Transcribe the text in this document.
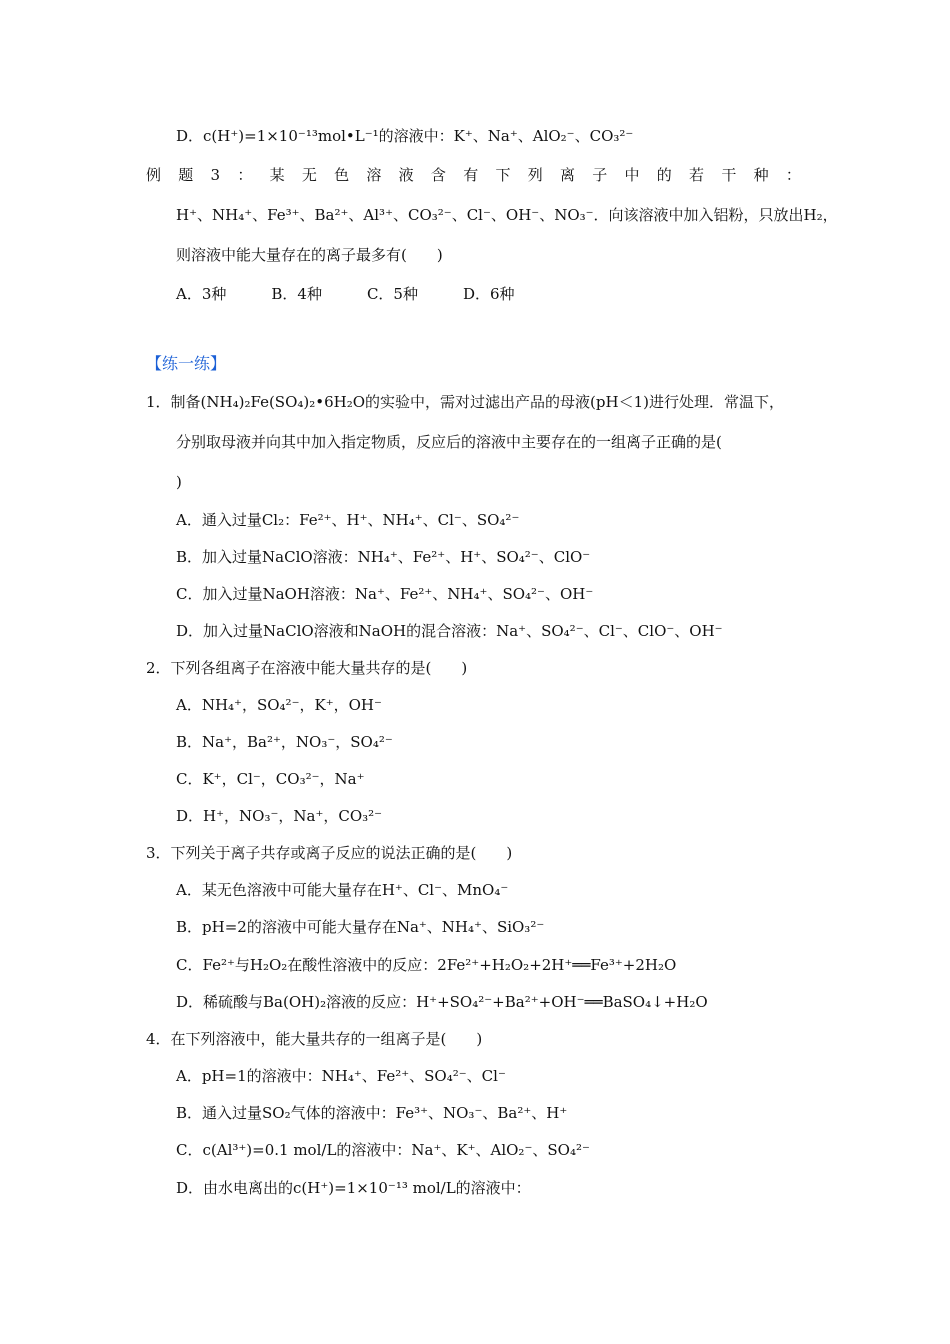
D．c(H⁺)=1×10⁻¹³mol•L⁻¹的溶液中：K⁺、Na⁺、AlO₂⁻、CO₃²⁻
例 题 3 ： 某 无 色 溶 液 含 有 下 列 离 子 中 的 若 干 种 ：
H⁺、NH₄⁺、Fe³⁺、Ba²⁺、Al³⁺、CO₃²⁻、Cl⁻、OH⁻、NO₃⁻．向该溶液中加入铝粉，只放出H₂，
则溶液中能大量存在的离子最多有(　　)
A．3种　　　B．4种　　　C．5种　　　D．6种
【练一练】
1．制备(NH₄)₂Fe(SO₄)₂•6H₂O的实验中，需对过滤出产品的母液(pH＜1)进行处理．常温下，
分别取母液并向其中加入指定物质，反应后的溶液中主要存在的一组离子正确的是(
)
A．通入过量Cl₂：Fe²⁺、H⁺、NH₄⁺、Cl⁻、SO₄²⁻
B．加入过量NaClO溶液：NH₄⁺、Fe²⁺、H⁺、SO₄²⁻、ClO⁻
C．加入过量NaOH溶液：Na⁺、Fe²⁺、NH₄⁺、SO₄²⁻、OH⁻
D．加入过量NaClO溶液和NaOH的混合溶液：Na⁺、SO₄²⁻、Cl⁻、ClO⁻、OH⁻
2．下列各组离子在溶液中能大量共存的是(　　)
A．NH₄⁺，SO₄²⁻，K⁺，OH⁻
B．Na⁺，Ba²⁺，NO₃⁻，SO₄²⁻
C．K⁺，Cl⁻，CO₃²⁻，Na⁺
D．H⁺，NO₃⁻，Na⁺，CO₃²⁻
3．下列关于离子共存或离子反应的说法正确的是(　　)
A．某无色溶液中可能大量存在H⁺、Cl⁻、MnO₄⁻
B．pH=2的溶液中可能大量存在Na⁺、NH₄⁺、SiO₃²⁻
C．Fe²⁺与H₂O₂在酸性溶液中的反应：2Fe²⁺+H₂O₂+2H⁺══Fe³⁺+2H₂O
D．稀硫酸与Ba(OH)₂溶液的反应：H⁺+SO₄²⁻+Ba²⁺+OH⁻══BaSO₄↓+H₂O
4．在下列溶液中，能大量共存的一组离子是(　　)
A．pH=1的溶液中：NH₄⁺、Fe²⁺、SO₄²⁻、Cl⁻
B．通入过量SO₂气体的溶液中：Fe³⁺、NO₃⁻、Ba²⁺、H⁺
C．c(Al³⁺)=0.1 mol/L的溶液中：Na⁺、K⁺、AlO₂⁻、SO₄²⁻
D．由水电离出的c(H⁺)=1×10⁻¹³ mol/L的溶液中：
